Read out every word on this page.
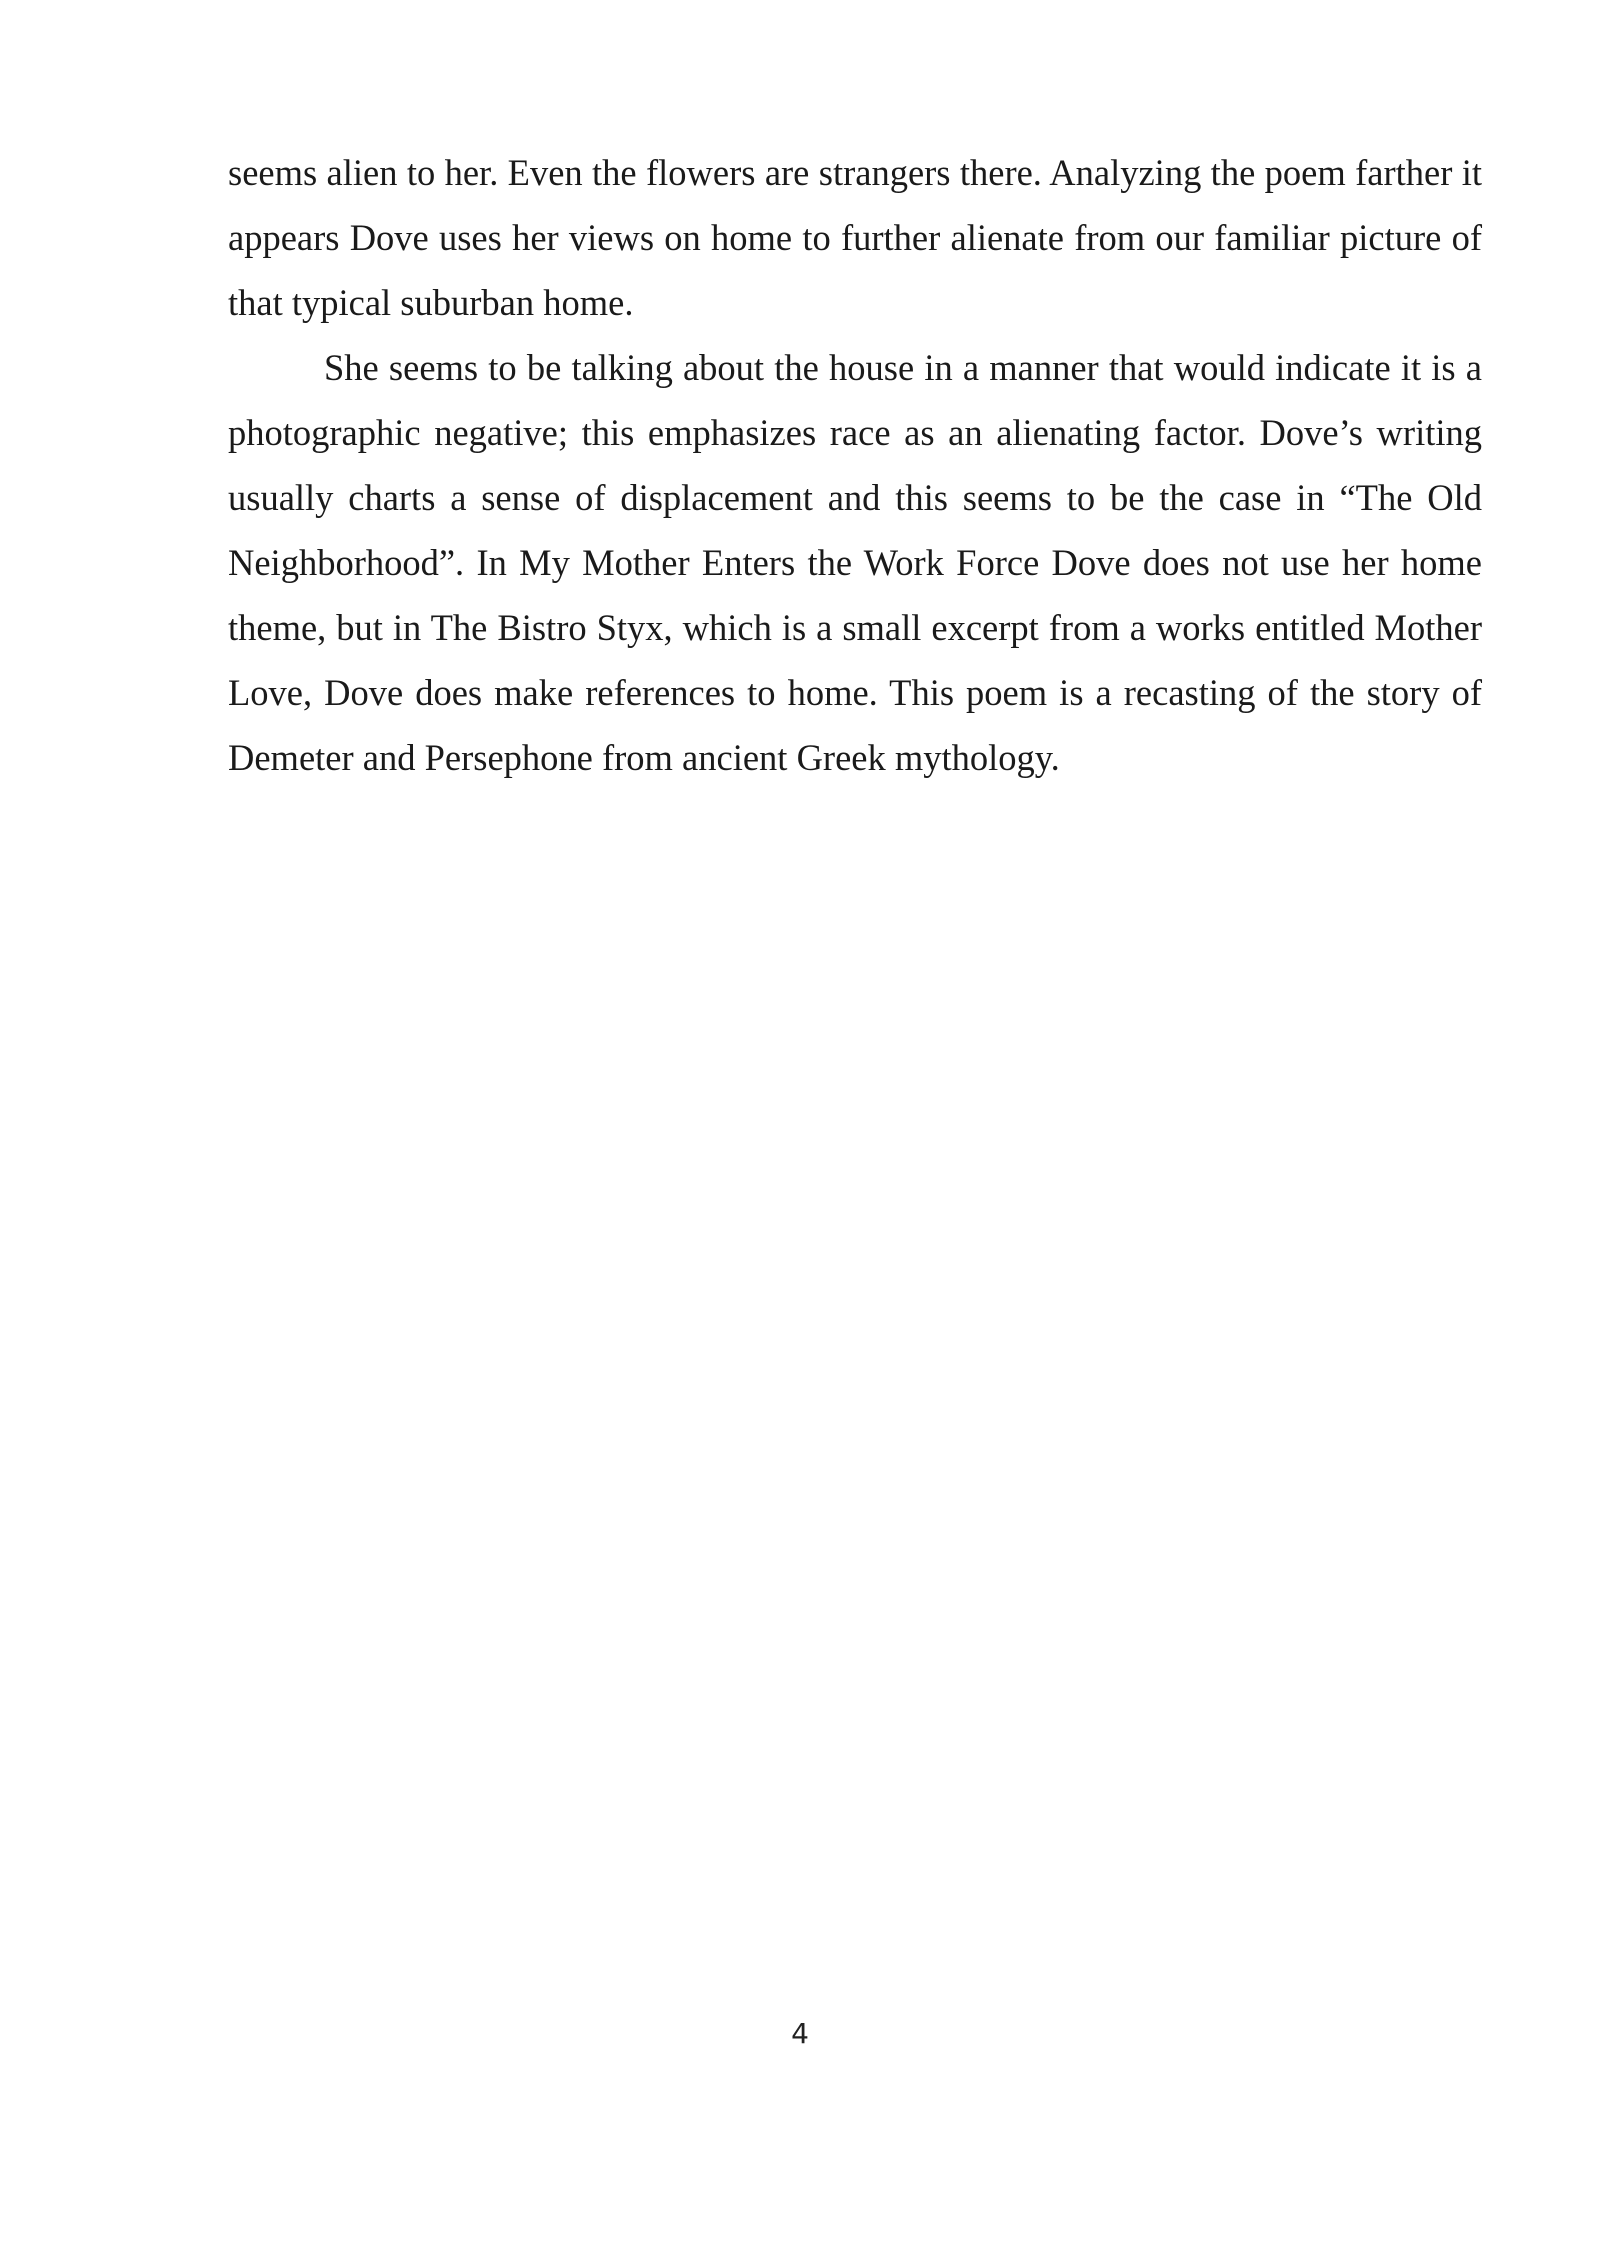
seems alien to her. Even the flowers are strangers there. Analyzing the poem farther it appears Dove uses her views on home to further alienate from our familiar picture of that typical suburban home.

She seems to be talking about the house in a manner that would indicate it is a photographic negative; this emphasizes race as an alienating factor. Dove’s writing usually charts a sense of displacement and this seems to be the case in “The Old Neighborhood”. In My Mother Enters the Work Force Dove does not use her home theme, but in The Bistro Styx, which is a small excerpt from a works entitled Mother Love, Dove does make references to home. This poem is a recasting of the story of Demeter and Persephone from ancient Greek mythology.

4
